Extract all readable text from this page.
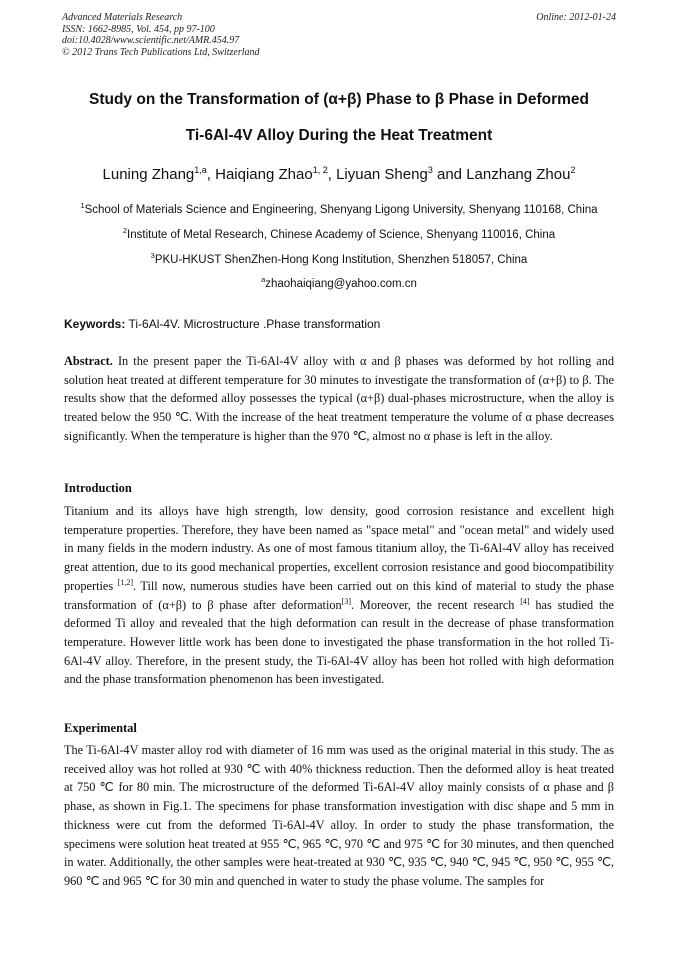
Advanced Materials Research
ISSN: 1662-8985, Vol. 454, pp 97-100
doi:10.4028/www.scientific.net/AMR.454.97
© 2012 Trans Tech Publications Ltd, Switzerland
Online: 2012-01-24
Study on the Transformation of (α+β) Phase to β Phase in Deformed
Ti-6Al-4V Alloy During the Heat Treatment
Luning Zhang$^{1,a}$, Haiqiang Zhao$^{1, 2}$, Liyuan Sheng$^3$ and Lanzhang Zhou$^2$
$^1$School of Materials Science and Engineering, Shenyang Ligong University, Shenyang 110168, China
$^2$Institute of Metal Research, Chinese Academy of Science, Shenyang 110016, China
$^3$PKU-HKUST ShenZhen-Hong Kong Institution, Shenzhen 518057, China
$^a$zhaohaiqiang@yahoo.com.cn
Keywords: Ti-6Al-4V. Microstructure .Phase transformation
Abstract. In the present paper the Ti-6Al-4V alloy with α and β phases was deformed by hot rolling and solution heat treated at different temperature for 30 minutes to investigate the transformation of (α+β) to β. The results show that the deformed alloy possesses the typical (α+β) dual-phases microstructure, when the alloy is treated below the 950 ℃. With the increase of the heat treatment temperature the volume of α phase decreases significantly. When the temperature is higher than the 970 ℃, almost no α phase is left in the alloy.
Introduction
Titanium and its alloys have high strength, low density, good corrosion resistance and excellent high temperature properties. Therefore, they have been named as "space metal" and "ocean metal" and widely used in many fields in the modern industry. As one of most famous titanium alloy, the Ti-6Al-4V alloy has received great attention, due to its good mechanical properties, excellent corrosion resistance and good biocompatibility properties [1,2]. Till now, numerous studies have been carried out on this kind of material to study the phase transformation of (α+β) to β phase after deformation[3]. Moreover, the recent research [4] has studied the deformed Ti alloy and revealed that the high deformation can result in the decrease of phase transformation temperature. However little work has been done to investigated the phase transformation in the hot rolled Ti-6Al-4V alloy. Therefore, in the present study, the Ti-6Al-4V alloy has been hot rolled with high deformation and the phase transformation phenomenon has been investigated.
Experimental
The Ti-6Al-4V master alloy rod with diameter of 16 mm was used as the original material in this study. The as received alloy was hot rolled at 930 ℃ with 40% thickness reduction. Then the deformed alloy is heat treated at 750 ℃ for 80 min. The microstructure of the deformed Ti-6Al-4V alloy mainly consists of α phase and β phase, as shown in Fig.1. The specimens for phase transformation investigation with disc shape and 5 mm in thickness were cut from the deformed Ti-6Al-4V alloy. In order to study the phase transformation, the specimens were solution heat treated at 955 ℃, 965 ℃, 970 ℃ and 975 ℃ for 30 minutes, and then quenched in water. Additionally, the other samples were heat-treated at 930 ℃, 935 ℃, 940 ℃, 945 ℃, 950 ℃, 955 ℃, 960 ℃ and 965 ℃ for 30 min and quenched in water to study the phase volume. The samples for
